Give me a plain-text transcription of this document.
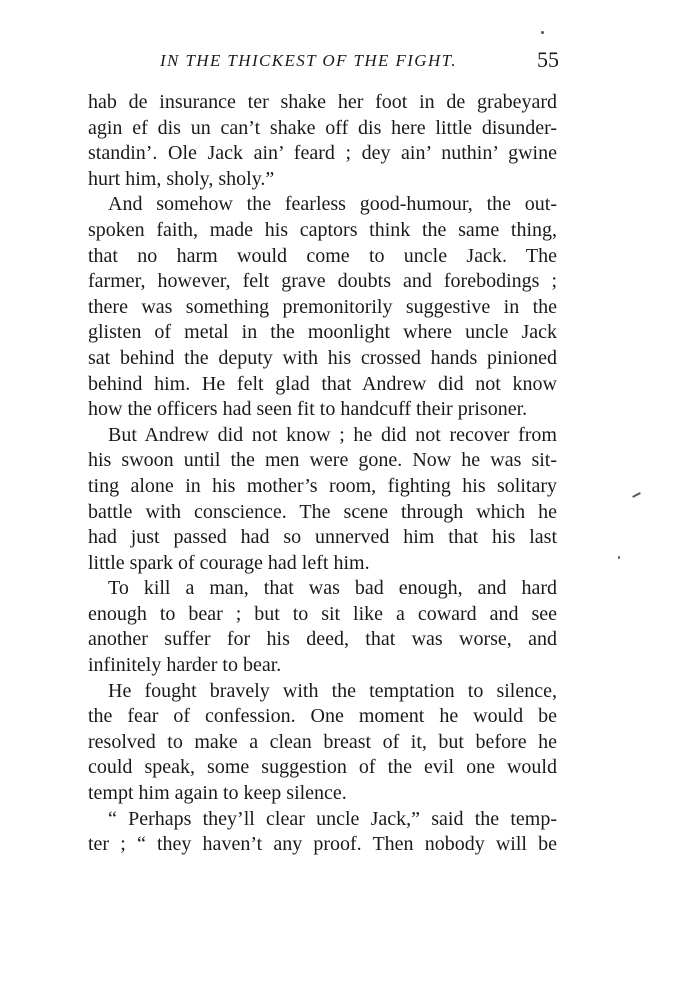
IN THE THICKEST OF THE FIGHT.	55
hab de insurance ter shake her foot in de grabeyard
agin ef dis un can’t shake off dis here little disunder-
standin’. Ole Jack ain’ feard ; dey ain’ nuthin’ gwine
hurt him, sholy, sholy.”
And somehow the fearless good-humour, the out-
spoken faith, made his captors think the same thing,
that no harm would come to uncle Jack. The
farmer, however, felt grave doubts and forebodings ;
there was something premonitorily suggestive in the
glisten of metal in the moonlight where uncle Jack
sat behind the deputy with his crossed hands pinioned
behind him. He felt glad that Andrew did not know
how the officers had seen fit to handcuff their prisoner.
But Andrew did not know ; he did not recover from
his swoon until the men were gone. Now he was sit-
ting alone in his mother’s room, fighting his solitary
battle with conscience. The scene through which he
had just passed had so unnerved him that his last
little spark of courage had left him.
To kill a man, that was bad enough, and hard
enough to bear ; but to sit like a coward and see
another suffer for his deed, that was worse, and
infinitely harder to bear.
He fought bravely with the temptation to silence,
the fear of confession. One moment he would be
resolved to make a clean breast of it, but before he
could speak, some suggestion of the evil one would
tempt him again to keep silence.
“ Perhaps they’ll clear uncle Jack,” said the temp-
ter ; “ they haven’t any proof. Then nobody will be
